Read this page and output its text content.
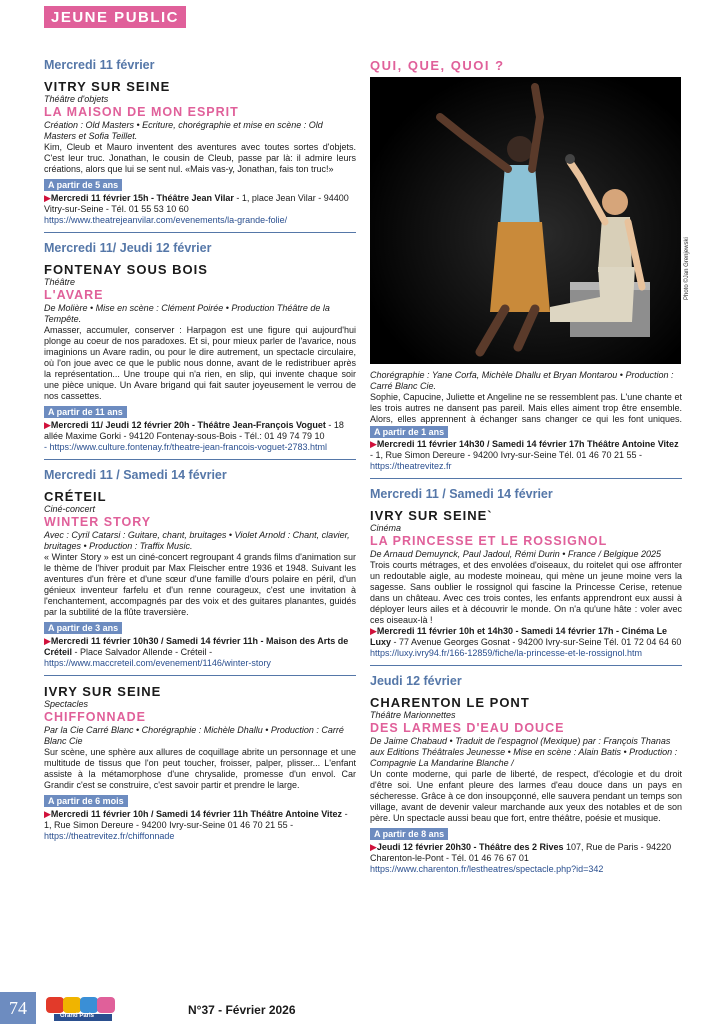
JEUNE PUBLIC
Mercredi 11 février
VITRY SUR SEINE
Théâtre d'objets
LA MAISON DE MON ESPRIT
Création : Old Masters • Ecriture, chorégraphie et mise en scène : Old Masters et Sofia Teillet.
Kim, Cleub et Mauro inventent des aventures avec toutes sortes d'objets. C'est leur truc. Jonathan, le cousin de Cleub, passe par là: il admire leurs créations, alors que lui se sent nul. «Mais vas-y, Jonathan, fais ton truc!»
A partir de 5 ans
▶Mercredi 11 février 15h - Théâtre Jean Vilar - 1, place Jean Vilar - 94400 Vitry-sur-Seine - Tél. 01 55 53 10 60
https://www.theatrejeanvilar.com/evenements/la-grande-folie/
Mercredi 11/ Jeudi 12 février
FONTENAY SOUS BOIS
Théâtre
L'AVARE
De Molière • Mise en scène : Clément Poirée • Production Théâtre de la Tempête.
Amasser, accumuler, conserver : Harpagon est une figure qui aujourd'hui plonge au coeur de nos paradoxes. Et si, pour mieux parler de l'avarice, nous imaginions un Avare radin, ou pour le dire autrement, un spectacle circulaire, où l'on joue avec ce que le public nous donne, avant de le redistribuer après la représentation... Une troupe qui n'a rien, en slip, qui invente chaque soir une pièce unique. Un Avare brigand qui fait sauter joyeusement le verrou de nos cassettes.
A partir de 11 ans
▶Mercredi 11/ Jeudi 12 février 20h - Théâtre Jean-François Voguet - 18 allée Maxime Gorki - 94120 Fontenay-sous-Bois - Tél.: 01 49 74 79 10
- https://www.culture.fontenay.fr/theatre-jean-francois-voguet-2783.html
Mercredi 11 / Samedi 14 février
CRÉTEIL
Ciné-concert
WINTER STORY
Avec : Cyril Catarsi : Guitare, chant, bruitages • Violet Arnold : Chant, clavier, bruitages • Production : Traffix Music.
« Winter Story » est un ciné-concert regroupant 4 grands films d'animation sur le thème de l'hiver produit par Max Fleischer entre 1936 et 1948. Suivant les aventures d'un frère et d'une sœur d'une famille d'ours polaire en péril, d'un génieux inventeur farfelu et d'un renne courageux, c'est une invitation à l'enchantement, accompagnés par des voix et des guitares planantes, guidés par la subtilité de la flûte traversière.
A partir de 3 ans
▶Mercredi 11 février 10h30 / Samedi 14 février 11h - Maison des Arts de Créteil - Place Salvador Allende - Créteil - https://www.maccreteil.com/evenement/1146/winter-story
IVRY SUR SEINE
Spectacles
CHIFFONNADE
Par la Cie Carré Blanc • Chorégraphie : Michèle Dhallu • Production : Carré Blanc Cie
Sur scène, une sphère aux allures de coquillage abrite un personnage et une multitude de tissus que l'on peut toucher, froisser, palper, plisser... L'enfant assiste à la métamorphose d'une chrysalide, promesse d'un envol. Car Grandir c'est se construire, c'est savoir partir et prendre le large.
A partir de 6 mois
▶Mercredi 11 février 10h / Samedi 14 février 11h Théâtre Antoine Vitez - 1, Rue Simon Dereure - 94200 Ivry-sur-Seine 01 46 70 21 55 - https://theatrevitez.fr/chiffonnade
QUI, QUE, QUOI ?
Chorégraphie : Yane Corfa, Michèle Dhallu et Bryan Montarou • Production : Carré Blanc Cie.
Sophie, Capucine, Juliette et Angeline ne se ressemblent pas. L'une chante et les trois autres ne dansent pas pareil. Mais elles aiment trop être ensemble. Alors, elles apprennent à échanger sans changer ce qui les font uniques. A partir de 1 ans
▶Mercredi 11 février 14h30 / Samedi 14 février 17h Théâtre Antoine Vitez - 1, Rue Simon Dereure - 94200 Ivry-sur-Seine Tél. 01 46 70 21 55 - https://theatrevitez.fr
Mercredi 11 / Samedi 14 février
IVRY SUR SEINE`
Cinéma
LA PRINCESSE ET LE ROSSIGNOL
De Arnaud Demuynck, Paul Jadoul, Rémi Durin • France / Belgique 2025
Trois courts métrages, et des envolées d'oiseaux, du roitelet qui ose affronter un redoutable aigle, au modeste moineau, qui mène un jeune moine vers la sagesse. Sans oublier le rossignol qui fascine la Princesse Cerise, retenue dans un château. Avec ces trois contes, les enfants apprendront eux aussi à déployer leurs ailes et à découvrir le monde. On n'a qu'une hâte : voler avec ces oiseaux-là !
▶Mercredi 11 février 10h et 14h30 - Samedi 14 février 17h - Cinéma Le Luxy - 77 Avenue Georges Gosnat - 94200 Ivry-sur-Seine Tél. 01 72 04 64 60
https://luxy.ivry94.fr/166-12859/fiche/la-princesse-et-le-rossignol.htm
Jeudi 12 février
CHARENTON LE PONT
Théâtre Marionnettes
DES LARMES D'EAU DOUCE
De Jaime Chabaud • Traduit de l'espagnol (Mexique) par : François Thanas aux Editions Théâtrales Jeunesse • Mise en scène : Alain Batis • Production : Compagnie La Mandarine Blanche /
Un conte moderne, qui parle de liberté, de respect, d'écologie et du droit d'être soi. Une enfant pleure des larmes d'eau douce dans un pays en sécheresse. Grâce à ce don insoupçonné, elle sauvera pendant un temps son village, avant de devenir valeur marchande aux yeux des notables et de son père. Un spectacle aussi beau que fort, entre théâtre, poésie et musique.
A partir de 8 ans
▶Jeudi 12 février 20h30 - Théâtre des 2 Rives 107, Rue de Paris - 94220 Charenton-le-Pont - Tél. 01 46 76 67 01
https://www.charenton.fr/lestheatres/spectacle.php?id=342
Photo ©Jan Grenjewski
74	Grand Paris	N°37 - Février 2026
